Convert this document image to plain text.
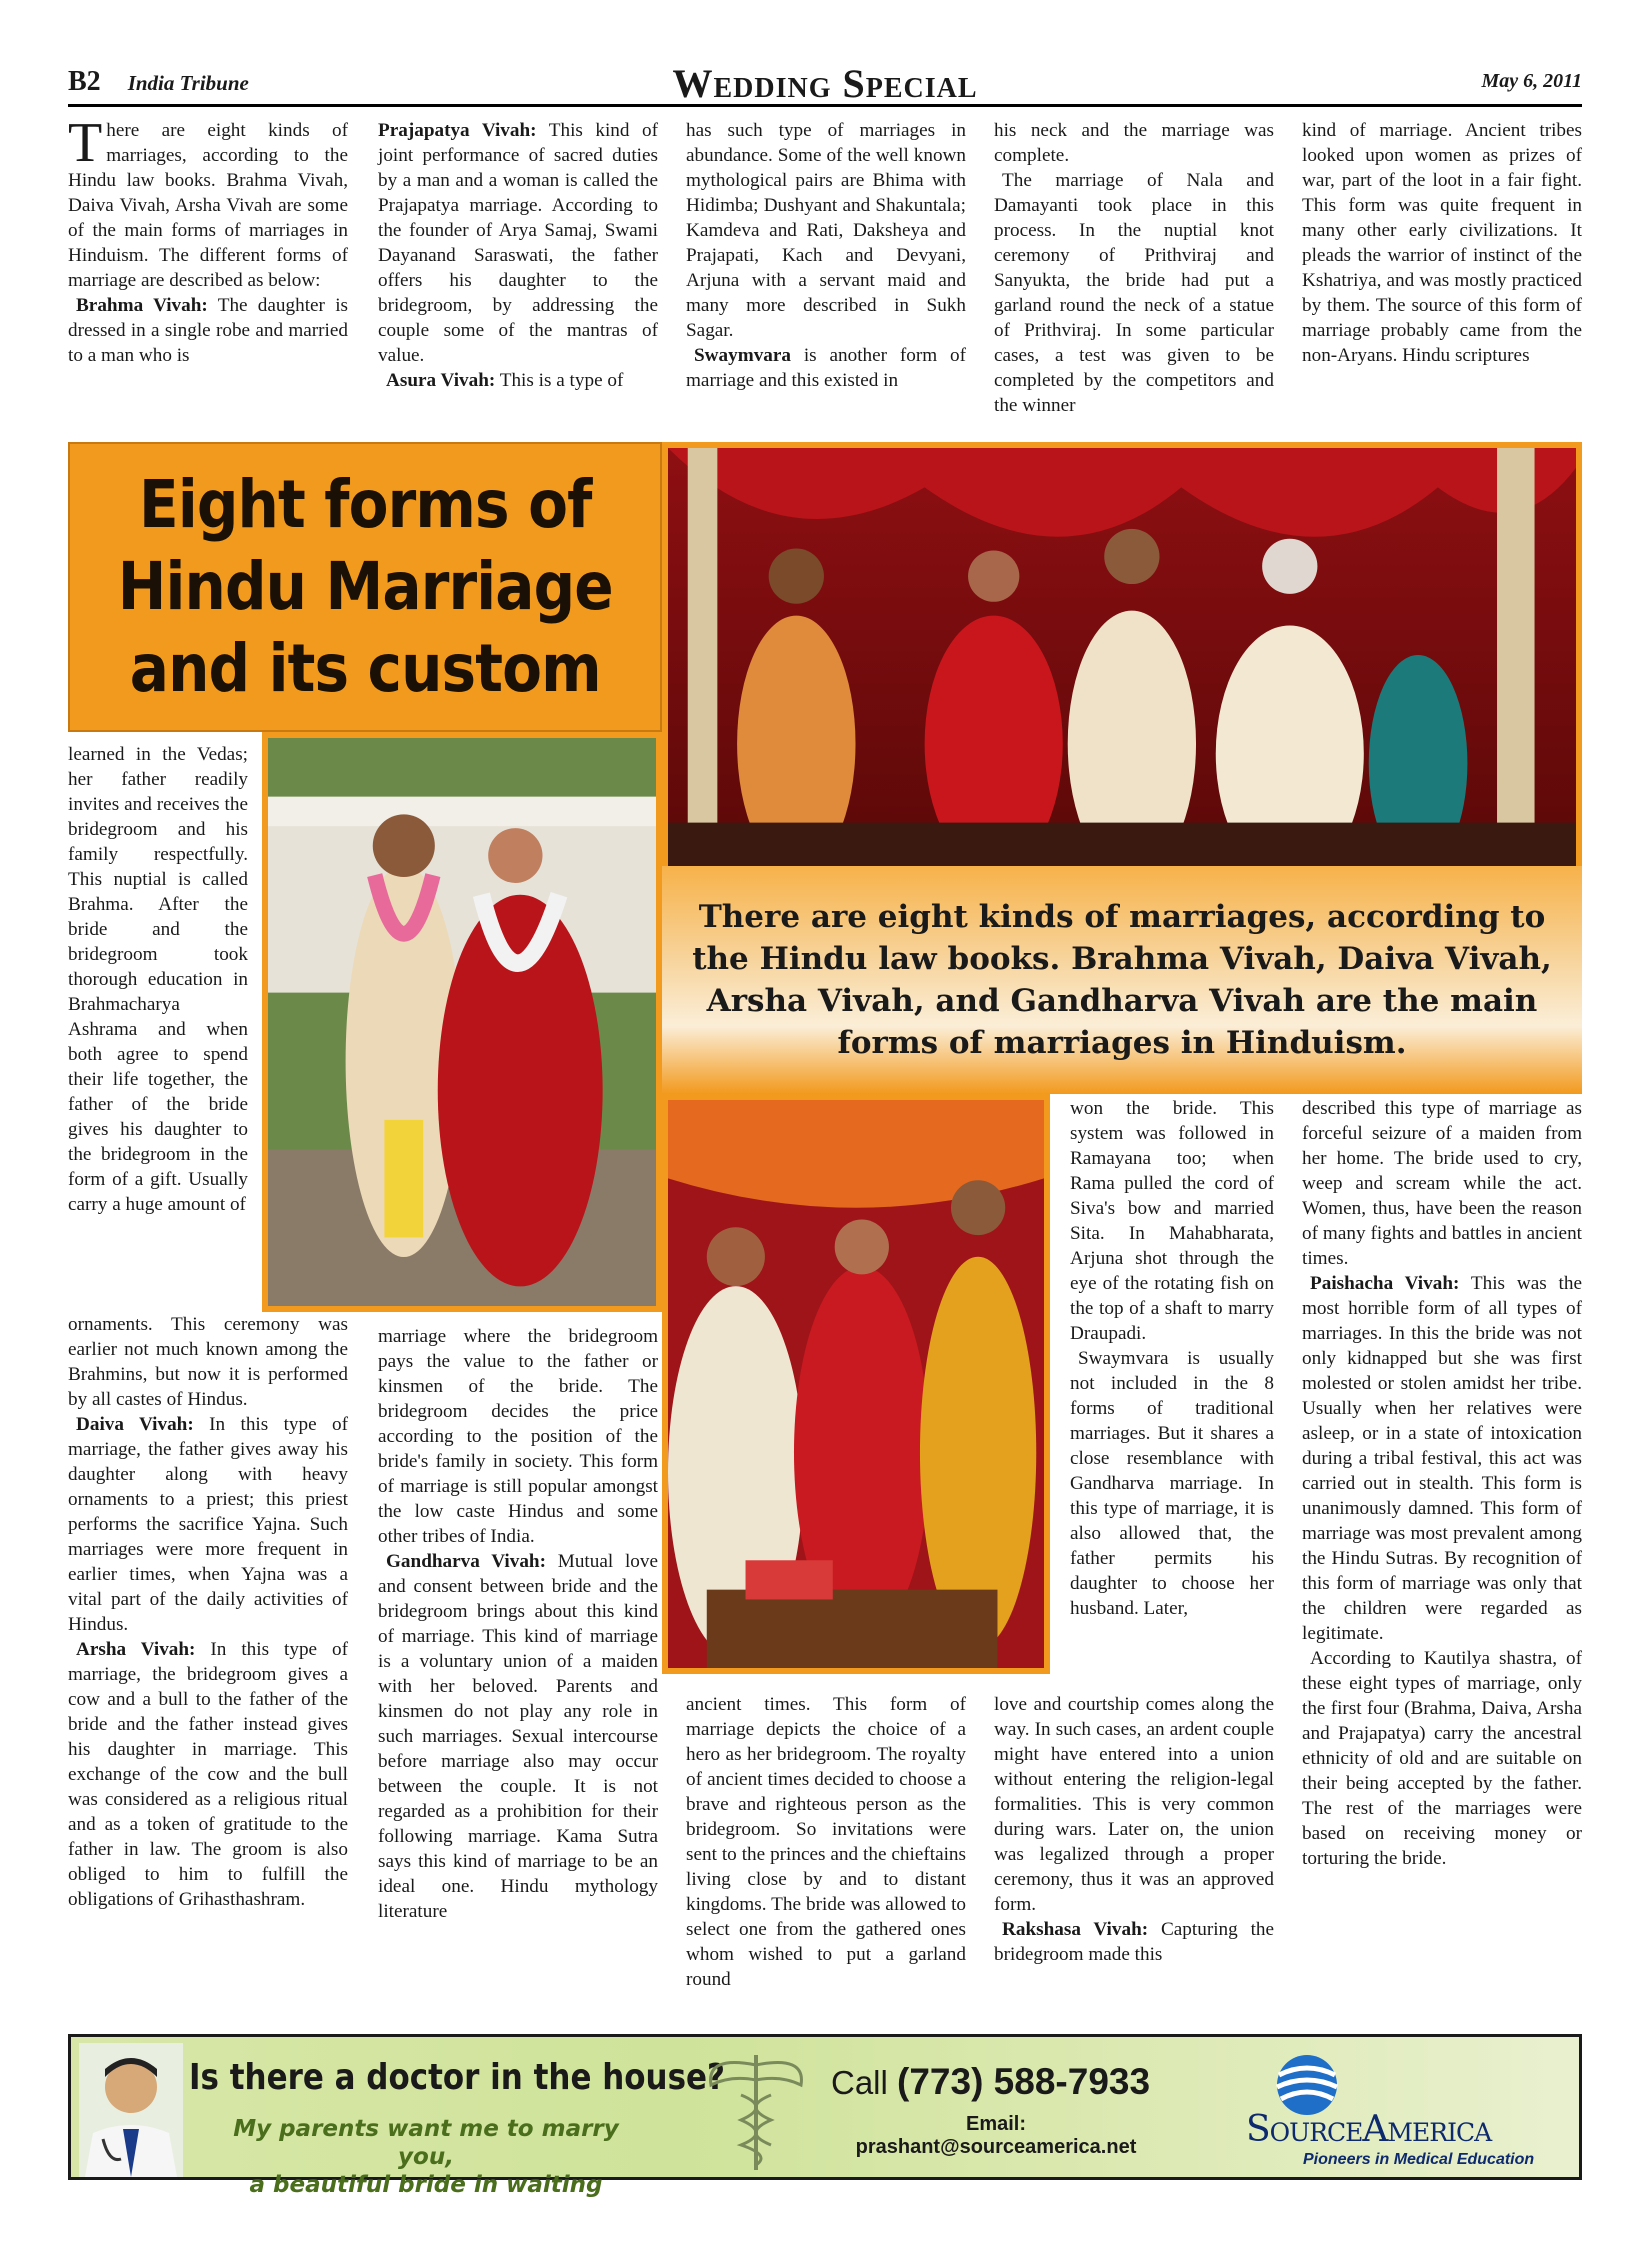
B2 India Tribune	Wedding Special	May 6, 2011

There are eight kinds of marriages, according to the Hindu law books. Brahma Vivah, Daiva Vivah, Arsha Vivah are some of the main forms of marriages in Hinduism. The different forms of marriage are described as below:

Brahma Vivah: The daughter is dressed in a single robe and married to a man who is

Prajapatya Vivah: This kind of joint performance of sacred duties by a man and a woman is called the Prajapatya marriage. According to the founder of Arya Samaj, Swami Dayanand Saraswati, the father offers his daughter to the bridegroom, by addressing the couple some of the mantras of value.

Asura Vivah: This is a type of

has such type of marriages in abundance. Some of the well known mythological pairs are Bhima with Hidimba; Dushyant and Shakuntala; Kamdeva and Rati, Daksheya and Prajapati, Kach and Devyani, Arjuna with a servant maid and many more described in Sukh Sagar.

Swaymvara is another form of marriage and this existed in

his neck and the marriage was complete.

The marriage of Nala and Damayanti took place in this process. In the nuptial knot ceremony of Prithviraj and Sanyukta, the bride had put a garland round the neck of a statue of Prithviraj. In some particular cases, a test was given to be completed by the competitors and the winner

kind of marriage. Ancient tribes looked upon women as prizes of war, part of the loot in a fair fight. This form was quite frequent in many other early civilizations. It pleads the warrior of instinct of the Kshatriya, and was mostly practiced by them. The source of this form of marriage probably came from the non-Aryans. Hindu scriptures

Eight forms of
Hindu Marriage
and its custom

There are eight kinds of marriages, according to the Hindu law books. Brahma Vivah, Daiva Vivah, Arsha Vivah, and Gandharva Vivah are the main forms of marriages in Hinduism.

learned in the Vedas; her father readily invites and receives the bridegroom and his family respectfully. This nuptial is called Brahma. After the bride and the bridegroom took thorough education in Brahmacharya Ashrama and when both agree to spend their life together, the father of the bride gives his daughter to the bridegroom in the form of a gift. Usually carry a huge amount of

ornaments. This ceremony was earlier not much known among the Brahmins, but now it is performed by all castes of Hindus.

Daiva Vivah: In this type of marriage, the father gives away his daughter along with heavy ornaments to a priest; this priest performs the sacrifice Yajna. Such marriages were more frequent in earlier times, when Yajna was a vital part of the daily activities of Hindus.

Arsha Vivah: In this type of marriage, the bridegroom gives a cow and a bull to the father of the bride and the father instead gives his daughter in marriage. This exchange of the cow and the bull was considered as a religious ritual and as a token of gratitude to the father in law. The groom is also obliged to him to fulfill the obligations of Grihasthashram.

marriage where the bridegroom pays the value to the father or kinsmen of the bride. The bridegroom decides the price according to the position of the bride's family in society. This form of marriage is still popular amongst the low caste Hindus and some other tribes of India.

Gandharva Vivah: Mutual love and consent between bride and the bridegroom brings about this kind of marriage. This kind of marriage is a voluntary union of a maiden with her beloved. Parents and kinsmen do not play any role in such marriages. Sexual intercourse before marriage also may occur between the couple. It is not regarded as a prohibition for their following marriage. Kama Sutra says this kind of marriage to be an ideal one. Hindu mythology literature

ancient times. This form of marriage depicts the choice of a hero as her bridegroom. The royalty of ancient times decided to choose a brave and righteous person as the bridegroom. So invitations were sent to the princes and the chieftains living close by and to distant kingdoms. The bride was allowed to select one from the gathered ones whom wished to put a garland round

won the bride. This system was followed in Ramayana too; when Rama pulled the cord of Siva's bow and married Sita. In Mahabharata, Arjuna shot through the eye of the rotating fish on the top of a shaft to marry Draupadi.

Swaymvara is usually not included in the 8 forms of traditional marriages. But it shares a close resemblance with Gandharva marriage. In this type of marriage, it is also allowed that, the father permits his daughter to choose her husband. Later,

love and courtship comes along the way. In such cases, an ardent couple might have entered into a union without entering the religion-legal formalities. This is very common during wars. Later on, the union was legalized through a proper ceremony, thus it was an approved form.

Rakshasa Vivah: Capturing the bridegroom made this

described this type of marriage as forceful seizure of a maiden from her home. The bride used to cry, weep and scream while the act. Women, thus, have been the reason of many fights and battles in ancient times.

Paishacha Vivah: This was the most horrible form of all types of marriages. In this the bride was not only kidnapped but she was first molested or stolen amidst her tribe. Usually when her relatives were asleep, or in a state of intoxication during a tribal festival, this act was carried out in stealth. This form is unanimously damned. This form of marriage was most prevalent among the Hindu Sutras. By recognition of this form of marriage was only that the children were regarded as legitimate.

According to Kautilya shastra, of these eight types of marriage, only the first four (Brahma, Daiva, Arsha and Prajapatya) carry the ancestral ethnicity of old and are suitable on their being accepted by the father. The rest of the marriages were based on receiving money or torturing the bride.

Is there a doctor in the house?
My parents want me to marry you,
a beautiful bride in waiting
Call (773) 588-7933
Email:
prashant@sourceamerica.net	SourceAmerica
Pioneers in Medical Education
